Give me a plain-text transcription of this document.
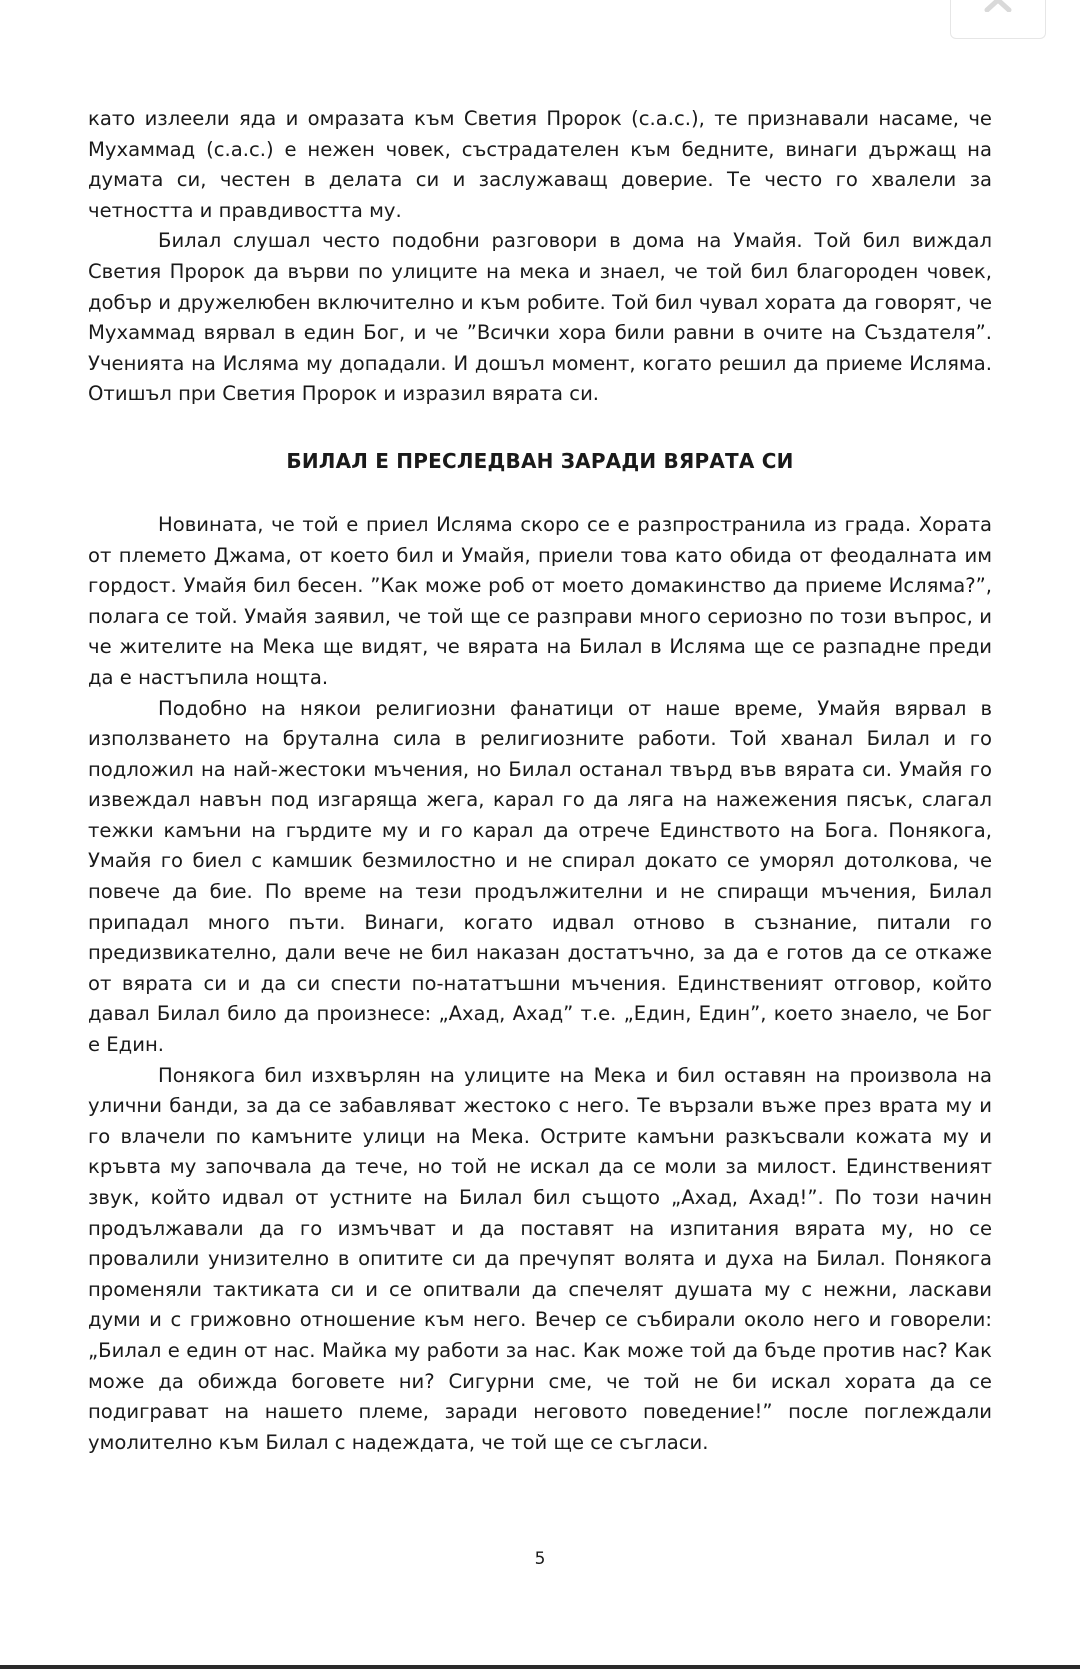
като излеели яда и омразата към Светия Пророк (с.а.с.), те признавали насаме, че Мухаммад (с.а.с.) е нежен човек, състрадателен към бедните, винаги държащ на думата си, честен в делата си и заслужаващ доверие. Те често го хвалели за четността и правдивостта му.

Билал слушал често подобни разговори в дома на Умайя. Той бил виждал Светия Пророк да върви по улиците на мека и знаел, че той бил благороден човек, добър и дружелюбен включително и към робите. Той бил чувал хората да говорят, че Мухаммад вярвал в един Бог, и че ”Всички хора били равни в очите на Създателя”. Ученията на Исляма му допадали. И дошъл момент, когато решил да приеме Исляма. Отишъл при Светия Пророк и изразил вярата си.

БИЛАЛ Е ПРЕСЛЕДВАН ЗАРАДИ ВЯРАТА СИ

Новината, че той е приел Исляма скоро се е разпространила из града. Хората от племето Джама, от което бил и Умайя, приели това като обида от феодалната им гордост. Умайя бил бесен. ”Как може роб от моето домакинство да приеме Исляма?”, полага се той. Умайя заявил, че той ще се разправи много сериозно по този въпрос, и че жителите на Мека ще видят, че вярата на Билал в Исляма ще се разпадне преди да е настъпила нощта.

Подобно на някои религиозни фанатици от наше време, Умайя вярвал в използването на брутална сила в религиозните работи. Той хванал Билал и го подложил на най-жестоки мъчения, но Билал останал твърд във вярата си. Умайя го извеждал навън под изгаряща жега, карал го да ляга на нажежения пясък, слагал тежки камъни на гърдите му и го карал да отрече Единството на Бога. Понякога, Умайя го биел с камшик безмилостно и не спирал докато се уморял дотолкова, че повече да бие. По време на тези продължителни и не спиращи мъчения, Билал припадал много пъти. Винаги, когато идвал отново в съзнание, питали го предизвикателно, дали вече не бил наказан достатъчно, за да е готов да се откаже от вярата си и да си спести по-нататъшни мъчения. Единственият отговор, който давал Билал било да произнесе: „Ахад, Ахад” т.е. „Един, Един”, което знаело, че Бог е Един.

Понякога бил изхвърлян на улиците на Мека и бил оставян на произвола на улични банди, за да се забавляват жестоко с него. Те вързали въже през врата му и го влачели по камъните улици на Мека. Острите камъни разкъсвали кожата му и кръвта му започвала да тече, но той не искал да се моли за милост. Единственият звук, който идвал от устните на Билал бил същото „Ахад, Ахад!”. По този начин продължавали да го измъчват и да поставят на изпитания вярата му, но се провалили унизително в опитите си да пречупят волята и духа на Билал. Понякога променяли тактиката си и се опитвали да спечелят душата му с нежни, ласкави думи и с грижовно отношение към него. Вечер се събирали около него и говорели: „Билал е един от нас. Майка му работи за нас. Как може той да бъде против нас? Как може да обижда боговете ни? Сигурни сме, че той не би искал хората да се подиграват на нашето племе, заради неговото поведение!” после поглеждали умолително към Билал с надеждата, че той ще се съгласи.

5
